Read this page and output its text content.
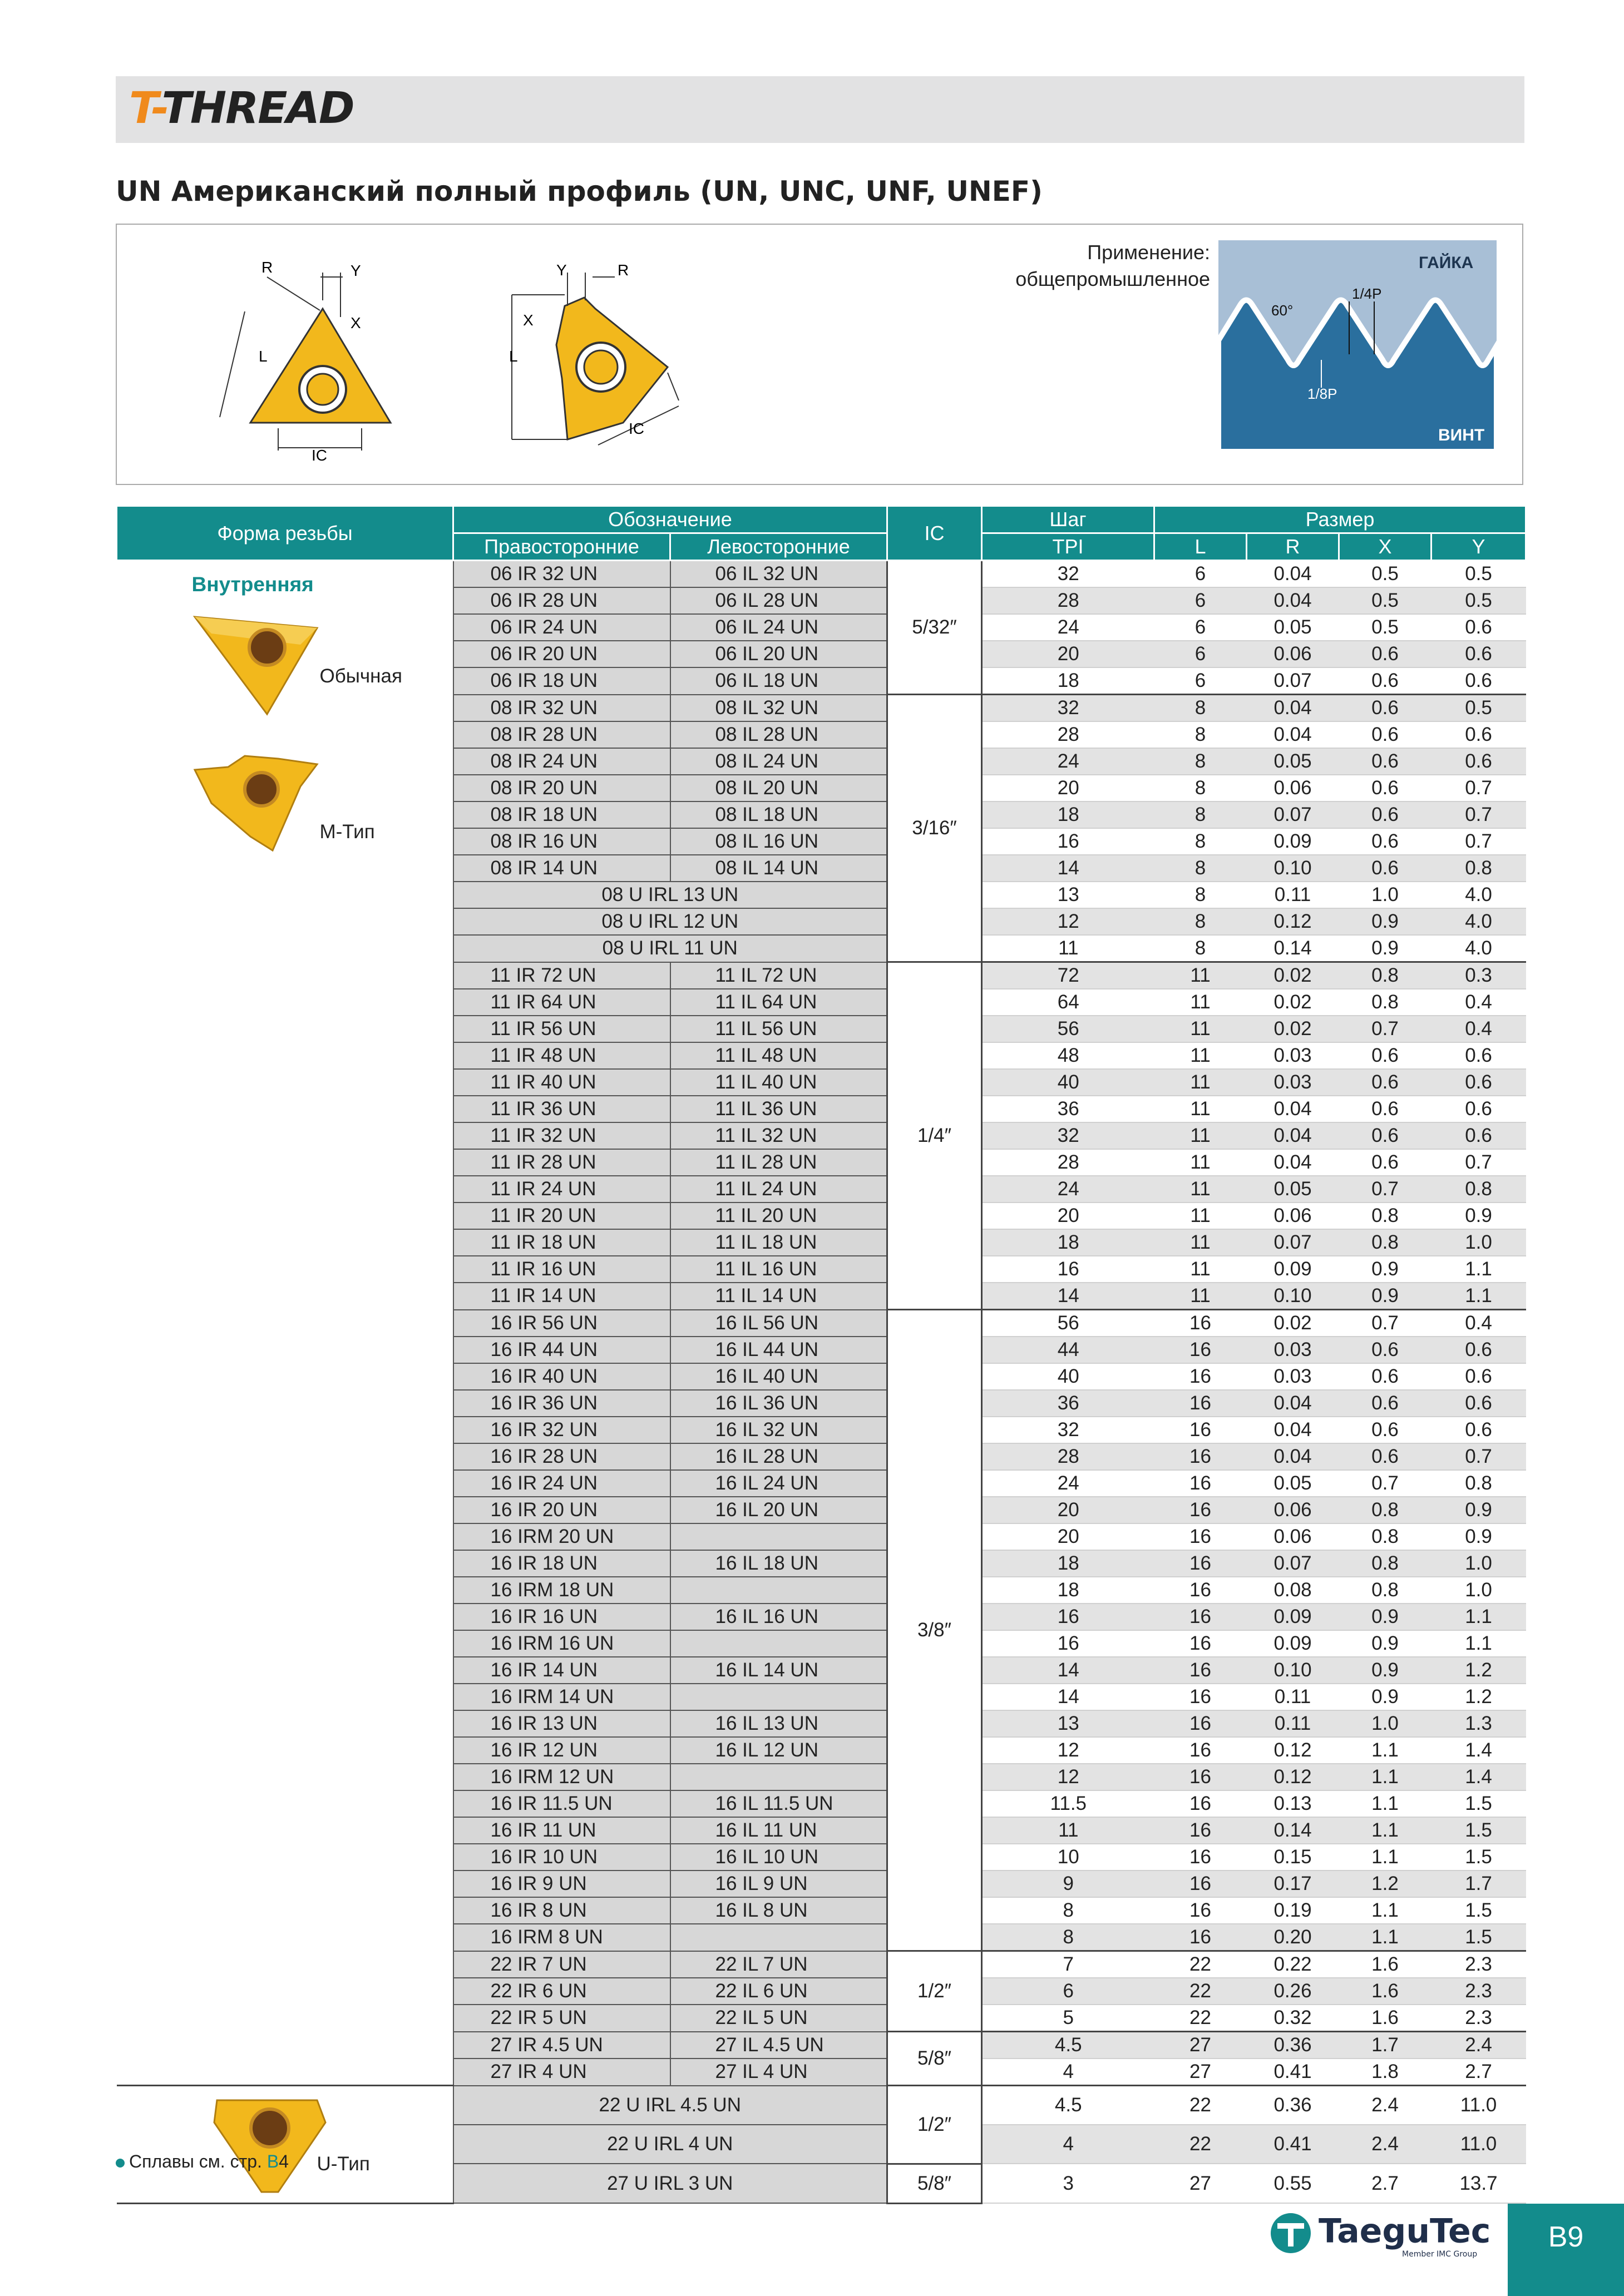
T-THREAD
UN Американский полный профиль (UN, UNC, UNF, UNEF)
R	Y
X
L
IC
Y	R
X
L
IC
Применение:
общепромышленное
ГАЙКА
ВИНТ
60°
1/4P
1/8P
Форма резьбы	Обозначение		IC	Шаг	Размер			
	Правосторонние	Левосторонние		TPI	L	R	X	Y

Внутренняя
Обычная
М-Тип	06 IR 32 UN	06 IL 32 UN	5/32″	32	6	0.04	0.5	0.5
	06 IR 28 UN	06 IL 28 UN		28	6	0.04	0.5	0.5
	06 IR 24 UN	06 IL 24 UN		24	6	0.05	0.5	0.6
	06 IR 20 UN	06 IL 20 UN		20	6	0.06	0.6	0.6
	06 IR 18 UN	06 IL 18 UN		18	6	0.07	0.6	0.6
	08 IR 32 UN	08 IL 32 UN	3/16″	32	8	0.04	0.6	0.5
	08 IR 28 UN	08 IL 28 UN		28	8	0.04	0.6	0.6
	08 IR 24 UN	08 IL 24 UN		24	8	0.05	0.6	0.6
	08 IR 20 UN	08 IL 20 UN		20	8	0.06	0.6	0.7
	08 IR 18 UN	08 IL 18 UN		18	8	0.07	0.6	0.7
	08 IR 16 UN	08 IL 16 UN		16	8	0.09	0.6	0.7
	08 IR 14 UN	08 IL 14 UN		14	8	0.10	0.6	0.8
	08 U IRL 13 UN			13	8	0.11	1.0	4.0
	08 U IRL 12 UN			12	8	0.12	0.9	4.0
	08 U IRL 11 UN			11	8	0.14	0.9	4.0
	11 IR 72 UN	11 IL 72 UN	1/4″	72	11	0.02	0.8	0.3
	11 IR 64 UN	11 IL 64 UN		64	11	0.02	0.8	0.4
	11 IR 56 UN	11 IL 56 UN		56	11	0.02	0.7	0.4
	11 IR 48 UN	11 IL 48 UN		48	11	0.03	0.6	0.6
	11 IR 40 UN	11 IL 40 UN		40	11	0.03	0.6	0.6
	11 IR 36 UN	11 IL 36 UN		36	11	0.04	0.6	0.6
	11 IR 32 UN	11 IL 32 UN		32	11	0.04	0.6	0.6
	11 IR 28 UN	11 IL 28 UN		28	11	0.04	0.6	0.7
	11 IR 24 UN	11 IL 24 UN		24	11	0.05	0.7	0.8
	11 IR 20 UN	11 IL 20 UN		20	11	0.06	0.8	0.9
	11 IR 18 UN	11 IL 18 UN		18	11	0.07	0.8	1.0
	11 IR 16 UN	11 IL 16 UN		16	11	0.09	0.9	1.1
	11 IR 14 UN	11 IL 14 UN		14	11	0.10	0.9	1.1
	16 IR 56 UN	16 IL 56 UN	3/8″	56	16	0.02	0.7	0.4
	16 IR 44 UN	16 IL 44 UN		44	16	0.03	0.6	0.6
	16 IR 40 UN	16 IL 40 UN		40	16	0.03	0.6	0.6
	16 IR 36 UN	16 IL 36 UN		36	16	0.04	0.6	0.6
	16 IR 32 UN	16 IL 32 UN		32	16	0.04	0.6	0.6
	16 IR 28 UN	16 IL 28 UN		28	16	0.04	0.6	0.7
	16 IR 24 UN	16 IL 24 UN		24	16	0.05	0.7	0.8
	16 IR 20 UN	16 IL 20 UN		20	16	0.06	0.8	0.9
	16 IRM 20 UN			20	16	0.06	0.8	0.9
	16 IR 18 UN	16 IL 18 UN		18	16	0.07	0.8	1.0
	16 IRM 18 UN			18	16	0.08	0.8	1.0
	16 IR 16 UN	16 IL 16 UN		16	16	0.09	0.9	1.1
	16 IRM 16 UN			16	16	0.09	0.9	1.1
	16 IR 14 UN	16 IL 14 UN		14	16	0.10	0.9	1.2
	16 IRM 14 UN			14	16	0.11	0.9	1.2
	16 IR 13 UN	16 IL 13 UN		13	16	0.11	1.0	1.3
	16 IR 12 UN	16 IL 12 UN		12	16	0.12	1.1	1.4
	16 IRM 12 UN			12	16	0.12	1.1	1.4
	16 IR 11.5 UN	16 IL 11.5 UN		11.5	16	0.13	1.1	1.5
	16 IR 11 UN	16 IL 11 UN		11	16	0.14	1.1	1.5
	16 IR 10 UN	16 IL 10 UN		10	16	0.15	1.1	1.5
	16 IR 9 UN	16 IL 9 UN		9	16	0.17	1.2	1.7
	16 IR 8 UN	16 IL 8 UN		8	16	0.19	1.1	1.5
	16 IRM 8 UN			8	16	0.20	1.1	1.5
	22 IR 7 UN	22 IL 7 UN	1/2″	7	22	0.22	1.6	2.3
	22 IR 6 UN	22 IL 6 UN		6	22	0.26	1.6	2.3
	22 IR 5 UN	22 IL 5 UN		5	22	0.32	1.6	2.3
	27 IR 4.5 UN	27 IL 4.5 UN	5/8″	4.5	27	0.36	1.7	2.4
	27 IR 4 UN	27 IL 4 UN		4	27	0.41	1.8	2.7

U-Тип	22 U IRL 4.5 UN		1/2″	4.5	22	0.36	2.4	11.0
	22 U IRL 4 UN			4	22	0.41	2.4	11.0
	27 U IRL 3 UN		5/8″	3	27	0.55	2.7	13.7
Сплавы см. стр. B4
TaeguTec
Member IMC Group
B9
